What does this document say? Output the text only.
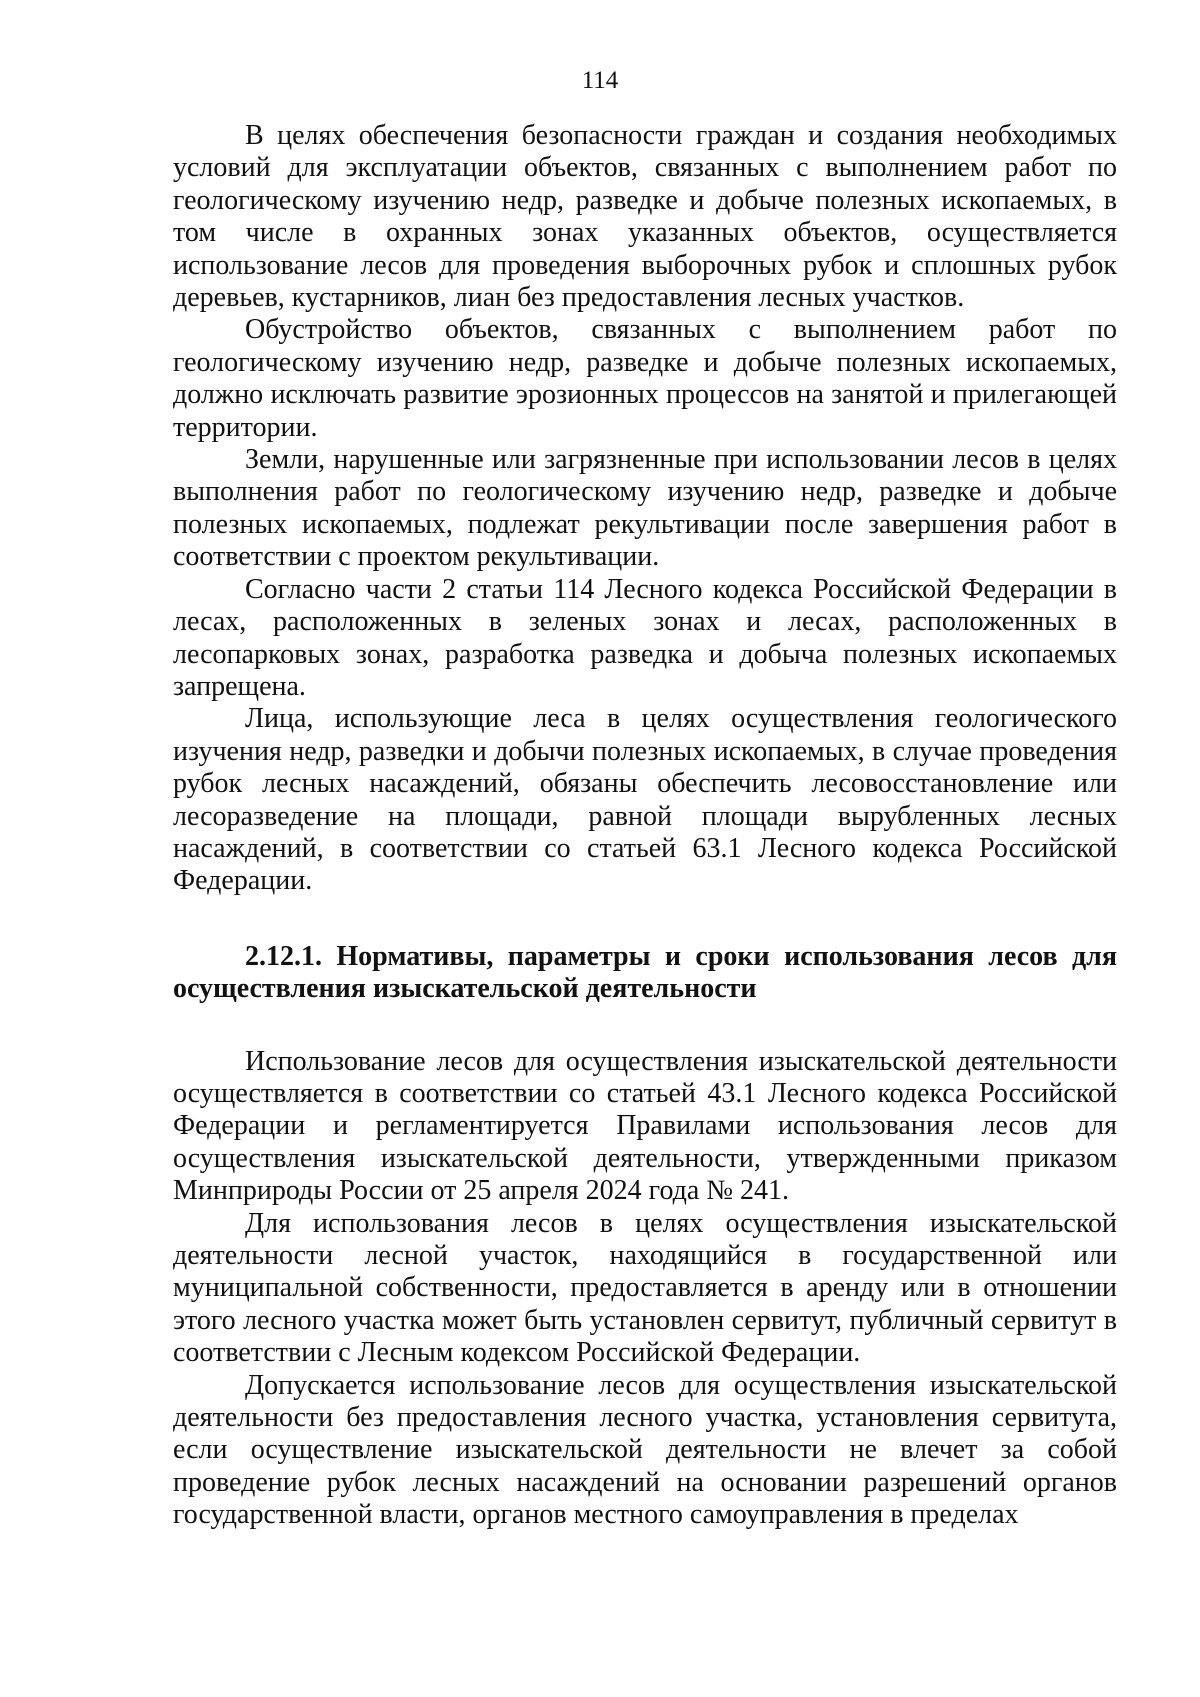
114

В целях обеспечения безопасности граждан и создания необходимых условий для эксплуатации объектов, связанных с выполнением работ по геологическому изучению недр, разведке и добыче полезных ископаемых, в том числе в охранных зонах указанных объектов, осуществляется использование лесов для проведения выборочных рубок и сплошных рубок деревьев, кустарников, лиан без предоставления лесных участков.

Обустройство объектов, связанных с выполнением работ по геологическому изучению недр, разведке и добыче полезных ископаемых, должно исключать развитие эрозионных процессов на занятой и прилегающей территории.

Земли, нарушенные или загрязненные при использовании лесов в целях выполнения работ по геологическому изучению недр, разведке и добыче полезных ископаемых, подлежат рекультивации после завершения работ в соответствии с проектом рекультивации.

Согласно части 2 статьи 114 Лесного кодекса Российской Федерации в лесах, расположенных в зеленых зонах и лесах, расположенных в лесопарковых зонах, разработка разведка и добыча полезных ископаемых запрещена.

Лица, использующие леса в целях осуществления геологического изучения недр, разведки и добычи полезных ископаемых, в случае проведения рубок лесных насаждений, обязаны обеспечить лесовосстановление или лесоразведение на площади, равной площади вырубленных лесных насаждений, в соответствии со статьей 63.1 Лесного кодекса Российской Федерации.

2.12.1. Нормативы, параметры и сроки использования лесов для осуществления изыскательской деятельности

Использование лесов для осуществления изыскательской деятельности осуществляется в соответствии со статьей 43.1 Лесного кодекса Российской Федерации и регламентируется Правилами использования лесов для осуществления изыскательской деятельности, утвержденными приказом Минприроды России от 25 апреля 2024 года № 241.

Для использования лесов в целях осуществления изыскательской деятельности лесной участок, находящийся в государственной или муниципальной собственности, предоставляется в аренду или в отношении этого лесного участка может быть установлен сервитут, публичный сервитут в соответствии с Лесным кодексом Российской Федерации.

Допускается использование лесов для осуществления изыскательской деятельности без предоставления лесного участка, установления сервитута, если осуществление изыскательской деятельности не влечет за собой проведение рубок лесных насаждений на основании разрешений органов государственной власти, органов местного самоуправления в пределах
